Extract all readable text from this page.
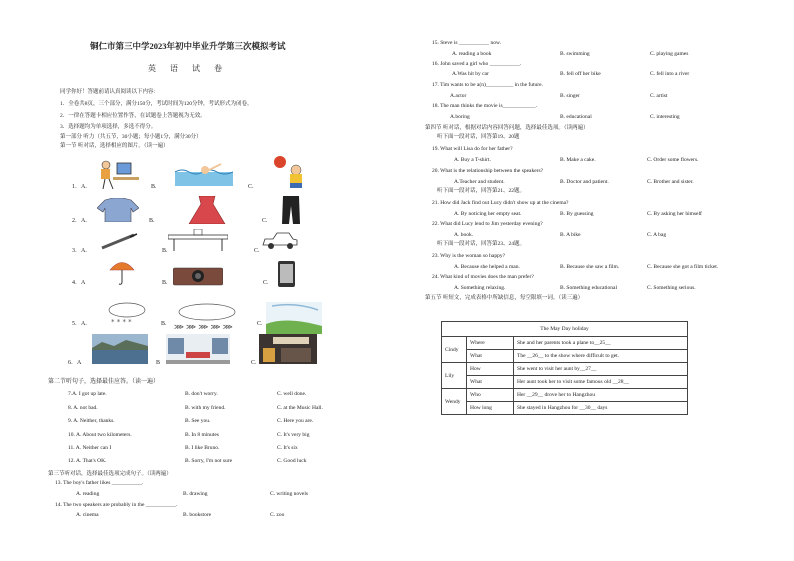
铜仁市第三中学2023年初中毕业升学第三次模拟考试
英语试卷
同学你好！答题前请认真阅读以下内容：
1．全卷共8页，三个部分，满分150分，考试时间为120分钟，考试形式为闭卷。
2．一律在答题卡相应位置作答，在试题卷上答题视为无效。
3．选择题均为单项选择，多选不得分。
第一部分 听力（共五节，30小题；每小题1分，满分30分）
第一节 听对话，选择相应的图片。（读一遍）
1．A.	B.	C.
2．A.	B.	C.
3．A.	B.	C.
4．A	B.	C.
5．A.	B.	C.
6．A	B	C.
* * * *
⋙ ⋙ ⋙ ⋙ ⋙
第二节听句子，选择最佳应答。（读一遍）
7.A. I got up late.	B. don't worry.	C. well done.
8. A. not bad.	B. with my friend.	C. at the Music Hall.
9. A. Neither, thanks.	B. See you.	C. Here you are.
10. A. About two kilometers.	B. In 8 minutes	C. It's very big
11. A. Neither can I	B. I like Bruno.	C. It's six
12. A. That's OK.	B. Sorry, I'm not sure	C. Good luck
第三节听对话，选择最佳选项完成句子。（读两遍）
13. The boy's father likes ___________.
A. reading	B. drawing	C. writing novels
14. The two speakers are probably in the ___________.
A. cinema	B. bookstore	C. zoo
15. Steve is ___________ now.
A. reading a book	B. swimming	C. playing games
16. John saved a girl who ___________.
A.Was hit by car	B. fell off her bike	C. fell into a river
17. Tim wants to be a(n)__________ in the future.
A.actor	B. singer	C. artist
18. The man thinks the movie is____________.
A.boring	B. educational	C. interesting
第四节 听对话，根据对话内容回答问题，选择最佳选项。（读两遍）
听下面一段对话，回答第19、20题
19. What will Lisa do for her father?
A. Buy a T-shirt.	B. Make a cake.	C. Order some flowers.
20. What is the relationship between the speakers?
A.Teacher and student.	B. Doctor and patient.	C. Brother and sister.
听下面一段对话，回答第21、22题。
21. How did Jack find out Lucy didn't show up at the cinema?
A. By noticing her empty seat.	B. By guessing	C. By asking her himself
22. What did Lucy lend to Jim yesterday evening?
A. book.	B. A bike	C. A bag
听下面一段对话，回答第23、24题。
23. Why is the woman so happy?
A. Because she helped a man.	B. Because she saw a film.	C. Because she got a film ticket.
24. What kind of movies does the man prefer?
A. Something relaxing.	B. Something educational	C. Something serious.
第五节 听短文，完成表格中所缺信息，每空限填一词。（读三遍）
The May Day holiday		
Cindy	Where	She and her parents took a plane to__25__
	What	The __26__ to the show where difficult to get.
Lily	How	She went to visit her aunt by__27__
	What	Her aunt took her to visit some famous old __28__
Wendy	Who	Her __29__ drove her to Hangzhou
	How long	She stayed in Hangzhou for __30__ days
